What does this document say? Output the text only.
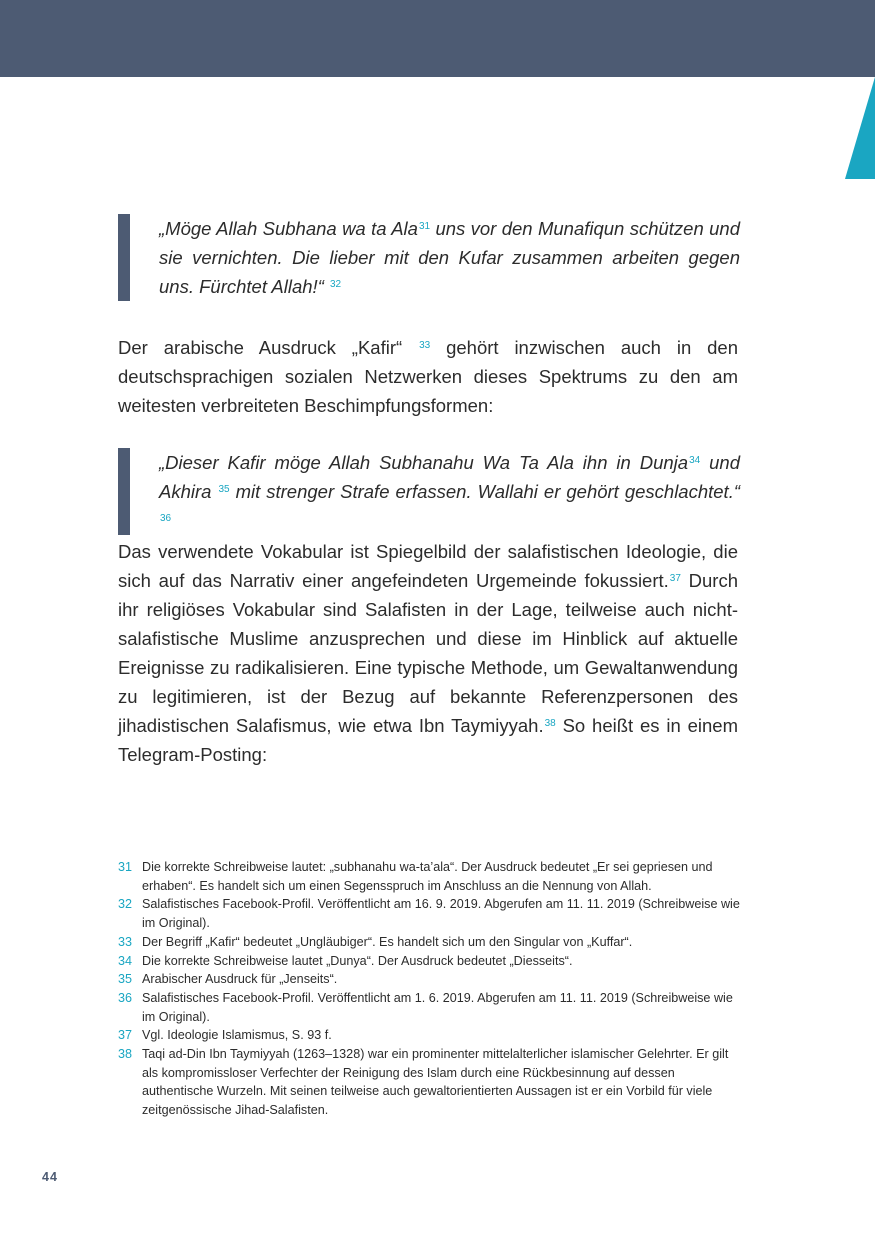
„Möge Allah Subhana wa ta Ala$^{31}$ uns vor den Munafiqun schützen und sie vernichten. Die lieber mit den Kufar zusammen arbeiten gegen uns. Fürchtet Allah!“ $^{32}$

Der arabische Ausdruck „Kafir“ $^{33}$ gehört inzwischen auch in den deutschsprachigen sozialen Netzwerken dieses Spektrums zu den am weitesten verbreiteten Beschimpfungsformen:

„Dieser Kafir möge Allah Subhanahu Wa Ta Ala ihn in Dunja$^{34}$ und Akhira $^{35}$ mit strenger Strafe erfassen. Wallahi er gehört geschlachtet.“ $^{36}$

Das verwendete Vokabular ist Spiegelbild der salafistischen Ideologie, die sich auf das Narrativ einer angefeindeten Urgemeinde fokussiert.$^{37}$ Durch ihr religiöses Vokabular sind Salafisten in der Lage, teilweise auch nicht-salafistische Muslime anzusprechen und diese im Hinblick auf aktuelle Ereignisse zu radikalisieren. Eine typische Methode, um Gewaltanwendung zu legitimieren, ist der Bezug auf bekannte Referenzpersonen des jihadistischen Salafismus, wie etwa Ibn Taymiyyah.$^{38}$ So heißt es in einem Telegram-Posting:

31 Die korrekte Schreibweise lautet: „subhanahu wa-ta’ala“. Der Ausdruck bedeutet „Er sei gepriesen und erhaben“. Es handelt sich um einen Segensspruch im Anschluss an die Nennung von Allah.
32 Salafistisches Facebook-Profil. Veröffentlicht am 16. 9. 2019. Abgerufen am 11. 11. 2019 (Schreibweise wie im Original).
33 Der Begriff „Kafir“ bedeutet „Ungläubiger“. Es handelt sich um den Singular von „Kuffar“.
34 Die korrekte Schreibweise lautet „Dunya“. Der Ausdruck bedeutet „Diesseits“.
35 Arabischer Ausdruck für „Jenseits“.
36 Salafistisches Facebook-Profil. Veröffentlicht am 1. 6. 2019. Abgerufen am 11. 11. 2019 (Schreibweise wie im Original).
37 Vgl. Ideologie Islamismus, S. 93 f.
38 Taqi ad-Din Ibn Taymiyyah (1263–1328) war ein prominenter mittelalterlicher islamischer Gelehrter. Er gilt als kompromissloser Verfechter der Reinigung des Islam durch eine Rückbesinnung auf dessen authentische Wurzeln. Mit seinen teilweise auch gewaltorientierten Aussagen ist er ein Vorbild für viele zeitgenössische Jihad-Salafisten.
44
